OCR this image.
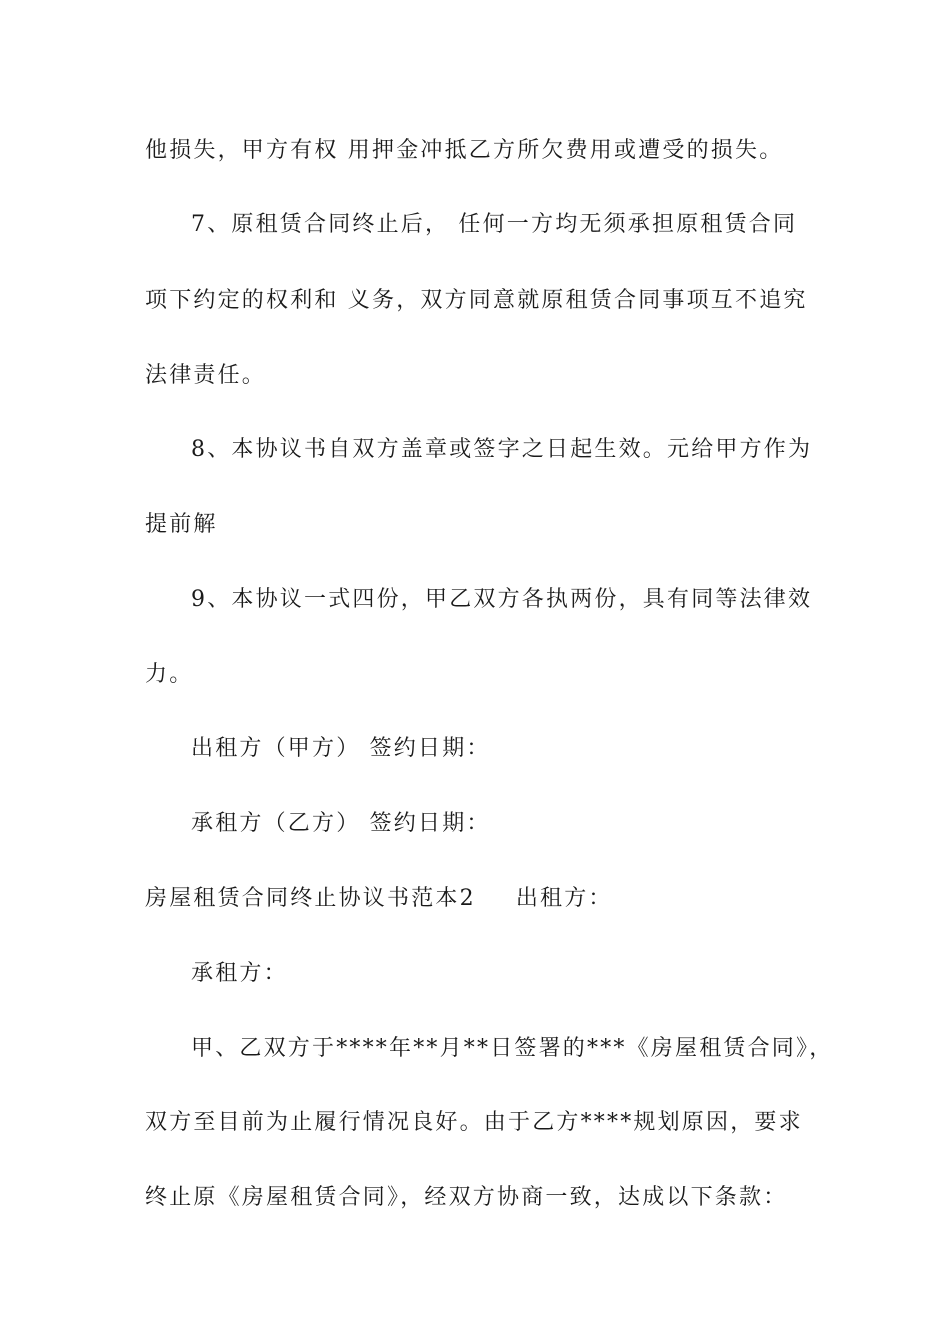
他损失，甲方有权 用押金冲抵乙方所欠费用或遭受的损失。
7、原租赁合同终止后， 任何一方均无须承担原租赁合同
项下约定的权利和 义务，双方同意就原租赁合同事项互不追究
法律责任。
8、本协议书自双方盖章或签字之日起生效。元给甲方作为
提前解
9、本协议一式四份，甲乙双方各执两份，具有同等法律效
力。
出租方（甲方） 签约日期：
承租方（乙方） 签约日期：
房屋租赁合同终止协议书范本2 出租方：
承租方：
甲、乙双方于****年**月**日签署的***《房屋租赁合同》，
双方至目前为止履行情况良好。由于乙方****规划原因，要求
终止原《房屋租赁合同》，经双方协商一致，达成以下条款：
